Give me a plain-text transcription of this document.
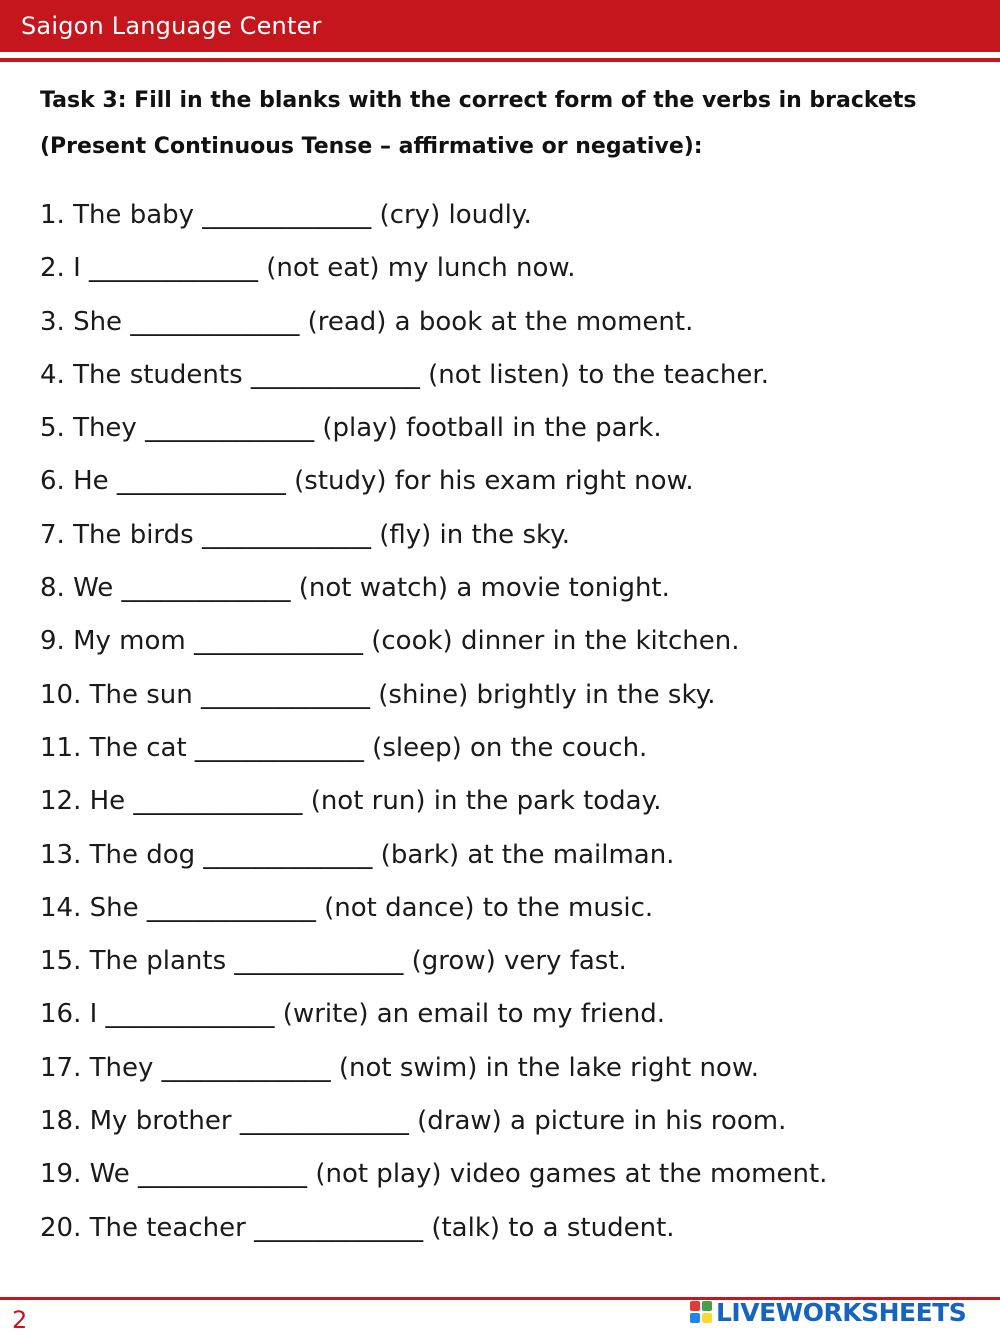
Saigon Language Center
Task 3: Fill in the blanks with the correct form of the verbs in brackets
(Present Continuous Tense – affirmative or negative):
1. The baby _____________ (cry) loudly.
2. I _____________ (not eat) my lunch now.
3. She _____________ (read) a book at the moment.
4. The students _____________ (not listen) to the teacher.
5. They _____________ (play) football in the park.
6. He _____________ (study) for his exam right now.
7. The birds _____________ (fly) in the sky.
8. We _____________ (not watch) a movie tonight.
9. My mom _____________ (cook) dinner in the kitchen.
10. The sun _____________ (shine) brightly in the sky.
11. The cat _____________ (sleep) on the couch.
12. He _____________ (not run) in the park today.
13. The dog _____________ (bark) at the mailman.
14. She _____________ (not dance) to the music.
15. The plants _____________ (grow) very fast.
16. I _____________ (write) an email to my friend.
17. They _____________ (not swim) in the lake right now.
18. My brother _____________ (draw) a picture in his room.
19. We _____________ (not play) video games at the moment.
20. The teacher _____________ (talk) to a student.
2	LIVEWORKSHEETS
